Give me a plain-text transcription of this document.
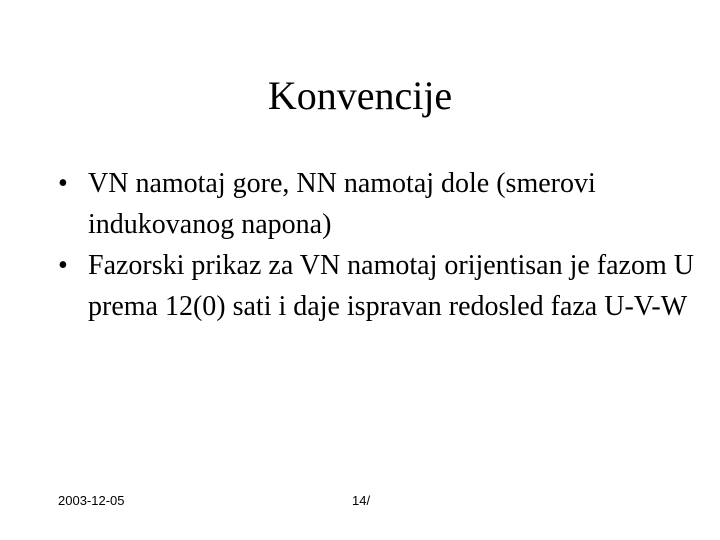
Konvencije
• VN namotaj gore, NN namotaj dole (smerovi indukovanog napona)
• Fazorski prikaz za VN namotaj orijentisan je fazom U prema 12(0) sati i daje ispravan redosled faza U-V-W
2003-12-05	14/
